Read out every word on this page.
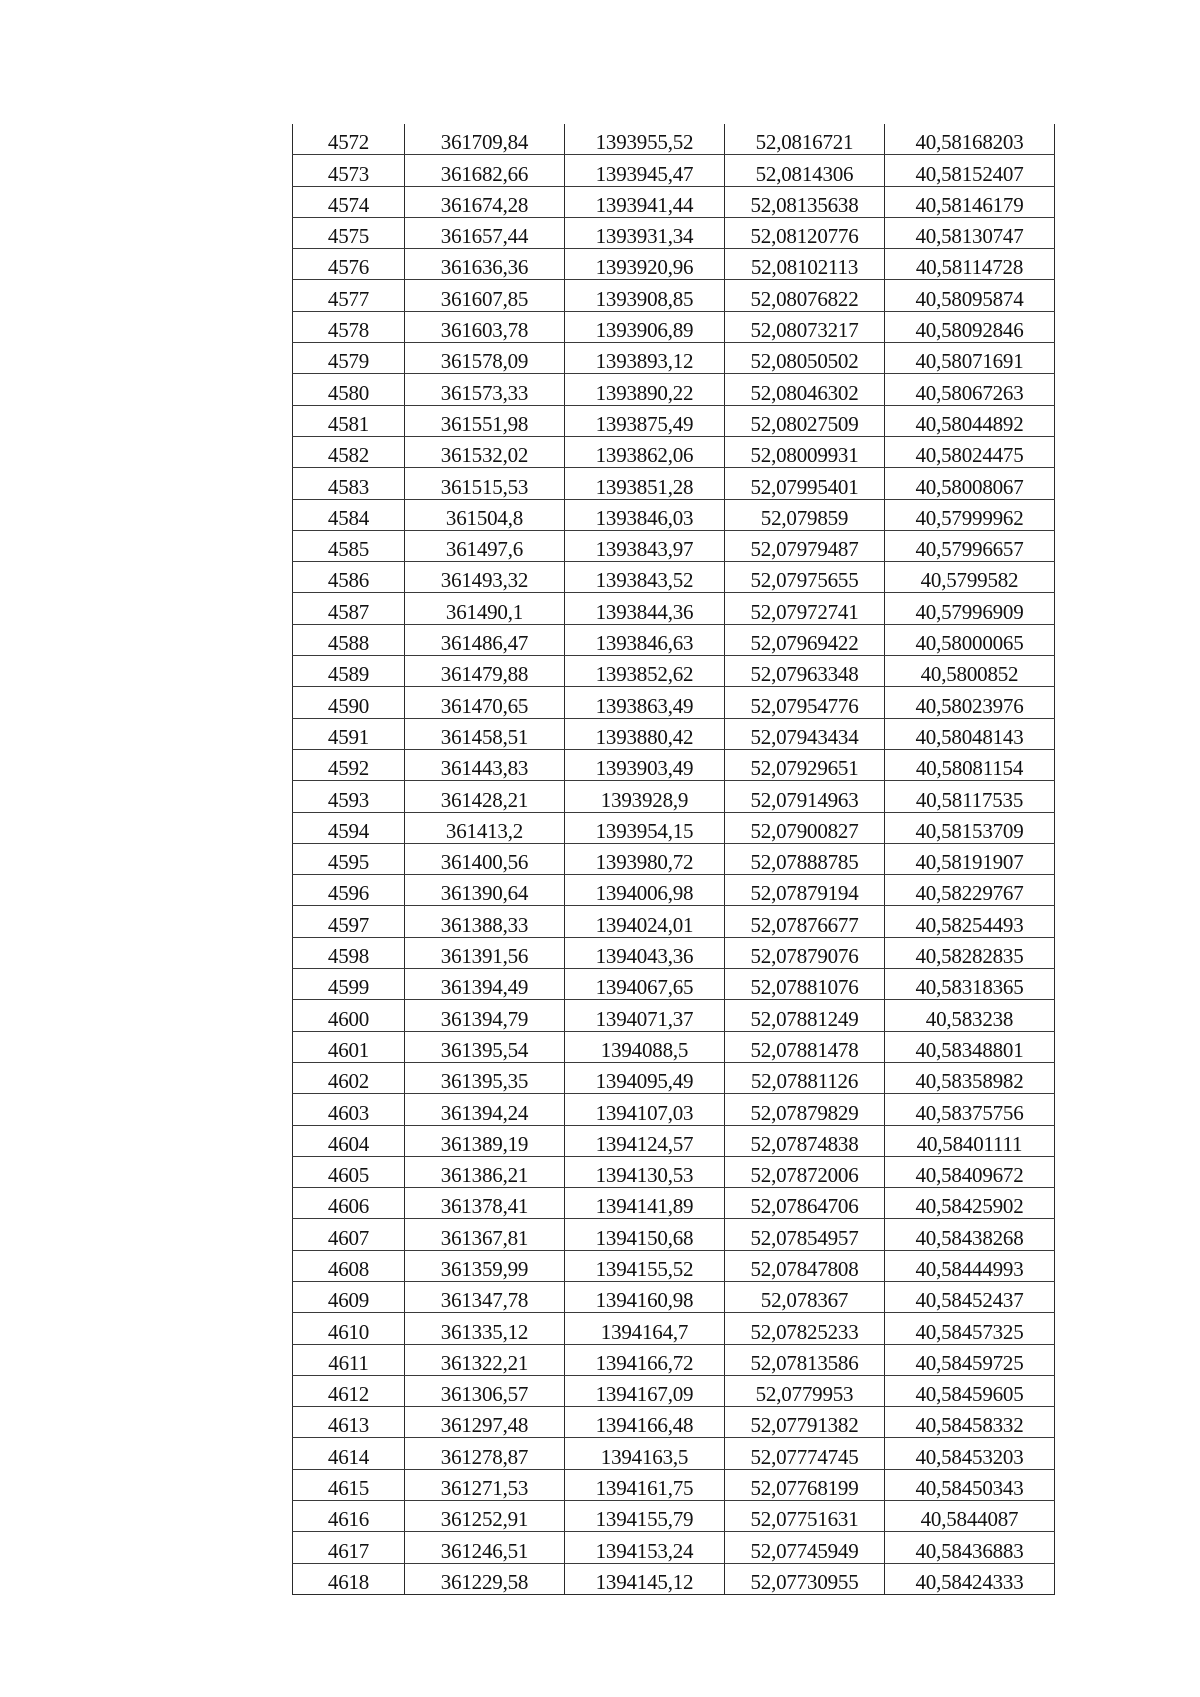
4572	361709,84	1393955,52	52,0816721	40,58168203
4573	361682,66	1393945,47	52,0814306	40,58152407
4574	361674,28	1393941,44	52,08135638	40,58146179
4575	361657,44	1393931,34	52,08120776	40,58130747
4576	361636,36	1393920,96	52,08102113	40,58114728
4577	361607,85	1393908,85	52,08076822	40,58095874
4578	361603,78	1393906,89	52,08073217	40,58092846
4579	361578,09	1393893,12	52,08050502	40,58071691
4580	361573,33	1393890,22	52,08046302	40,58067263
4581	361551,98	1393875,49	52,08027509	40,58044892
4582	361532,02	1393862,06	52,08009931	40,58024475
4583	361515,53	1393851,28	52,07995401	40,58008067
4584	361504,8	1393846,03	52,079859	40,57999962
4585	361497,6	1393843,97	52,07979487	40,57996657
4586	361493,32	1393843,52	52,07975655	40,5799582
4587	361490,1	1393844,36	52,07972741	40,57996909
4588	361486,47	1393846,63	52,07969422	40,58000065
4589	361479,88	1393852,62	52,07963348	40,5800852
4590	361470,65	1393863,49	52,07954776	40,58023976
4591	361458,51	1393880,42	52,07943434	40,58048143
4592	361443,83	1393903,49	52,07929651	40,58081154
4593	361428,21	1393928,9	52,07914963	40,58117535
4594	361413,2	1393954,15	52,07900827	40,58153709
4595	361400,56	1393980,72	52,07888785	40,58191907
4596	361390,64	1394006,98	52,07879194	40,58229767
4597	361388,33	1394024,01	52,07876677	40,58254493
4598	361391,56	1394043,36	52,07879076	40,58282835
4599	361394,49	1394067,65	52,07881076	40,58318365
4600	361394,79	1394071,37	52,07881249	40,583238
4601	361395,54	1394088,5	52,07881478	40,58348801
4602	361395,35	1394095,49	52,07881126	40,58358982
4603	361394,24	1394107,03	52,07879829	40,58375756
4604	361389,19	1394124,57	52,07874838	40,58401111
4605	361386,21	1394130,53	52,07872006	40,58409672
4606	361378,41	1394141,89	52,07864706	40,58425902
4607	361367,81	1394150,68	52,07854957	40,58438268
4608	361359,99	1394155,52	52,07847808	40,58444993
4609	361347,78	1394160,98	52,078367	40,58452437
4610	361335,12	1394164,7	52,07825233	40,58457325
4611	361322,21	1394166,72	52,07813586	40,58459725
4612	361306,57	1394167,09	52,0779953	40,58459605
4613	361297,48	1394166,48	52,07791382	40,58458332
4614	361278,87	1394163,5	52,07774745	40,58453203
4615	361271,53	1394161,75	52,07768199	40,58450343
4616	361252,91	1394155,79	52,07751631	40,5844087
4617	361246,51	1394153,24	52,07745949	40,58436883
4618	361229,58	1394145,12	52,07730955	40,58424333
